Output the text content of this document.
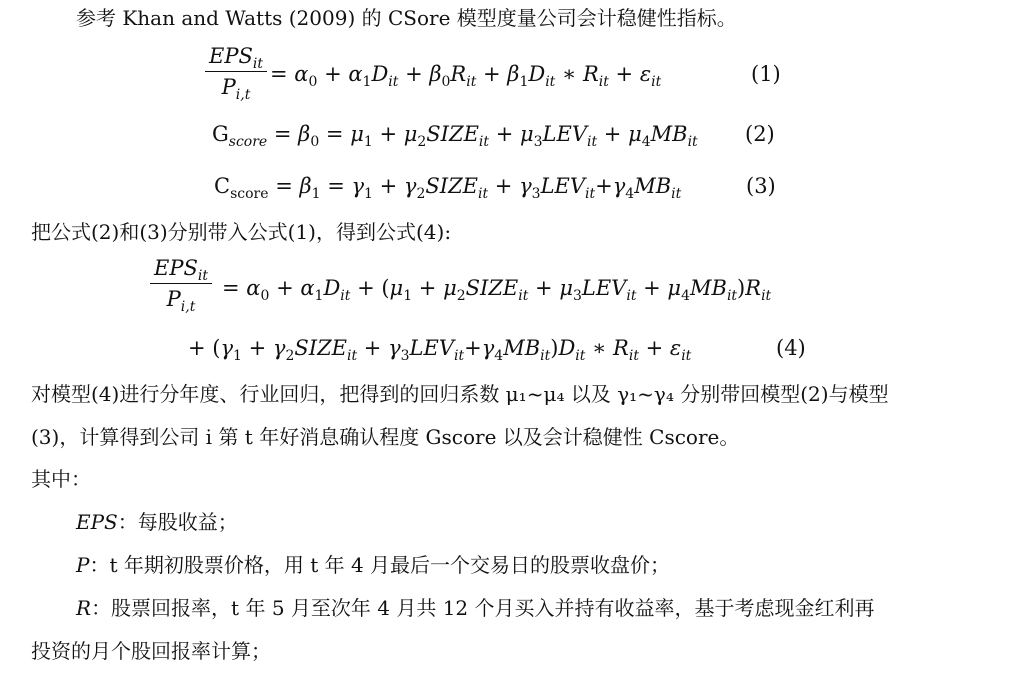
参考 Khan and Watts (2009) 的 CSore 模型度量公司会计稳健性指标。
$EPS_{it}$
$P_{i,t}$
= $\alpha_0 + \alpha_1D_{it} + \beta_0R_{it} + \beta_1D_{it}$ ∗ $R_{it} + \varepsilon_{it}$	(1)
$G_{score} = \beta_0 = \mu_1$ + $\mu_2SIZE_{it} + \mu_3LEV_{it} + \mu_4MB_{it}$ (2)
$C_{score} = \beta_1 = \gamma_1$ + $\gamma_2SIZE_{it} + \gamma_3LEV_{it}+\gamma_4MB_{it}$	(3)
把公式(2)和(3)分别带入公式(1)，得到公式(4):
$EPS_{it}$
$P_{i,t}$
= $\alpha_0 + \alpha_1D_{it} + (\mu_1$ + $\mu_2SIZE_{it} + \mu_3LEV_{it} + \mu_4MB_{it})R_{it}$
+ ($\gamma_1$ + $\gamma_2SIZE_{it} + \gamma_3LEV_{it}+\gamma_4MB_{it})D_{it}$ ∗ $R_{it} + \varepsilon_{it}$	(4)
对模型(4)进行分年度、行业回归，把得到的回归系数 μ₁~μ₄ 以及 γ₁~γ₄ 分别带回模型(2)与模型
(3)，计算得到公司 i 第 t 年好消息确认程度 Gscore 以及会计稳健性 Cscore。
其中：
EPS：每股收益；
P：t 年期初股票价格，用 t 年 4 月最后一个交易日的股票收盘价；
R：股票回报率，t 年 5 月至次年 4 月共 12 个月买入并持有收益率，基于考虑现金红利再
投资的月个股回报率计算；
